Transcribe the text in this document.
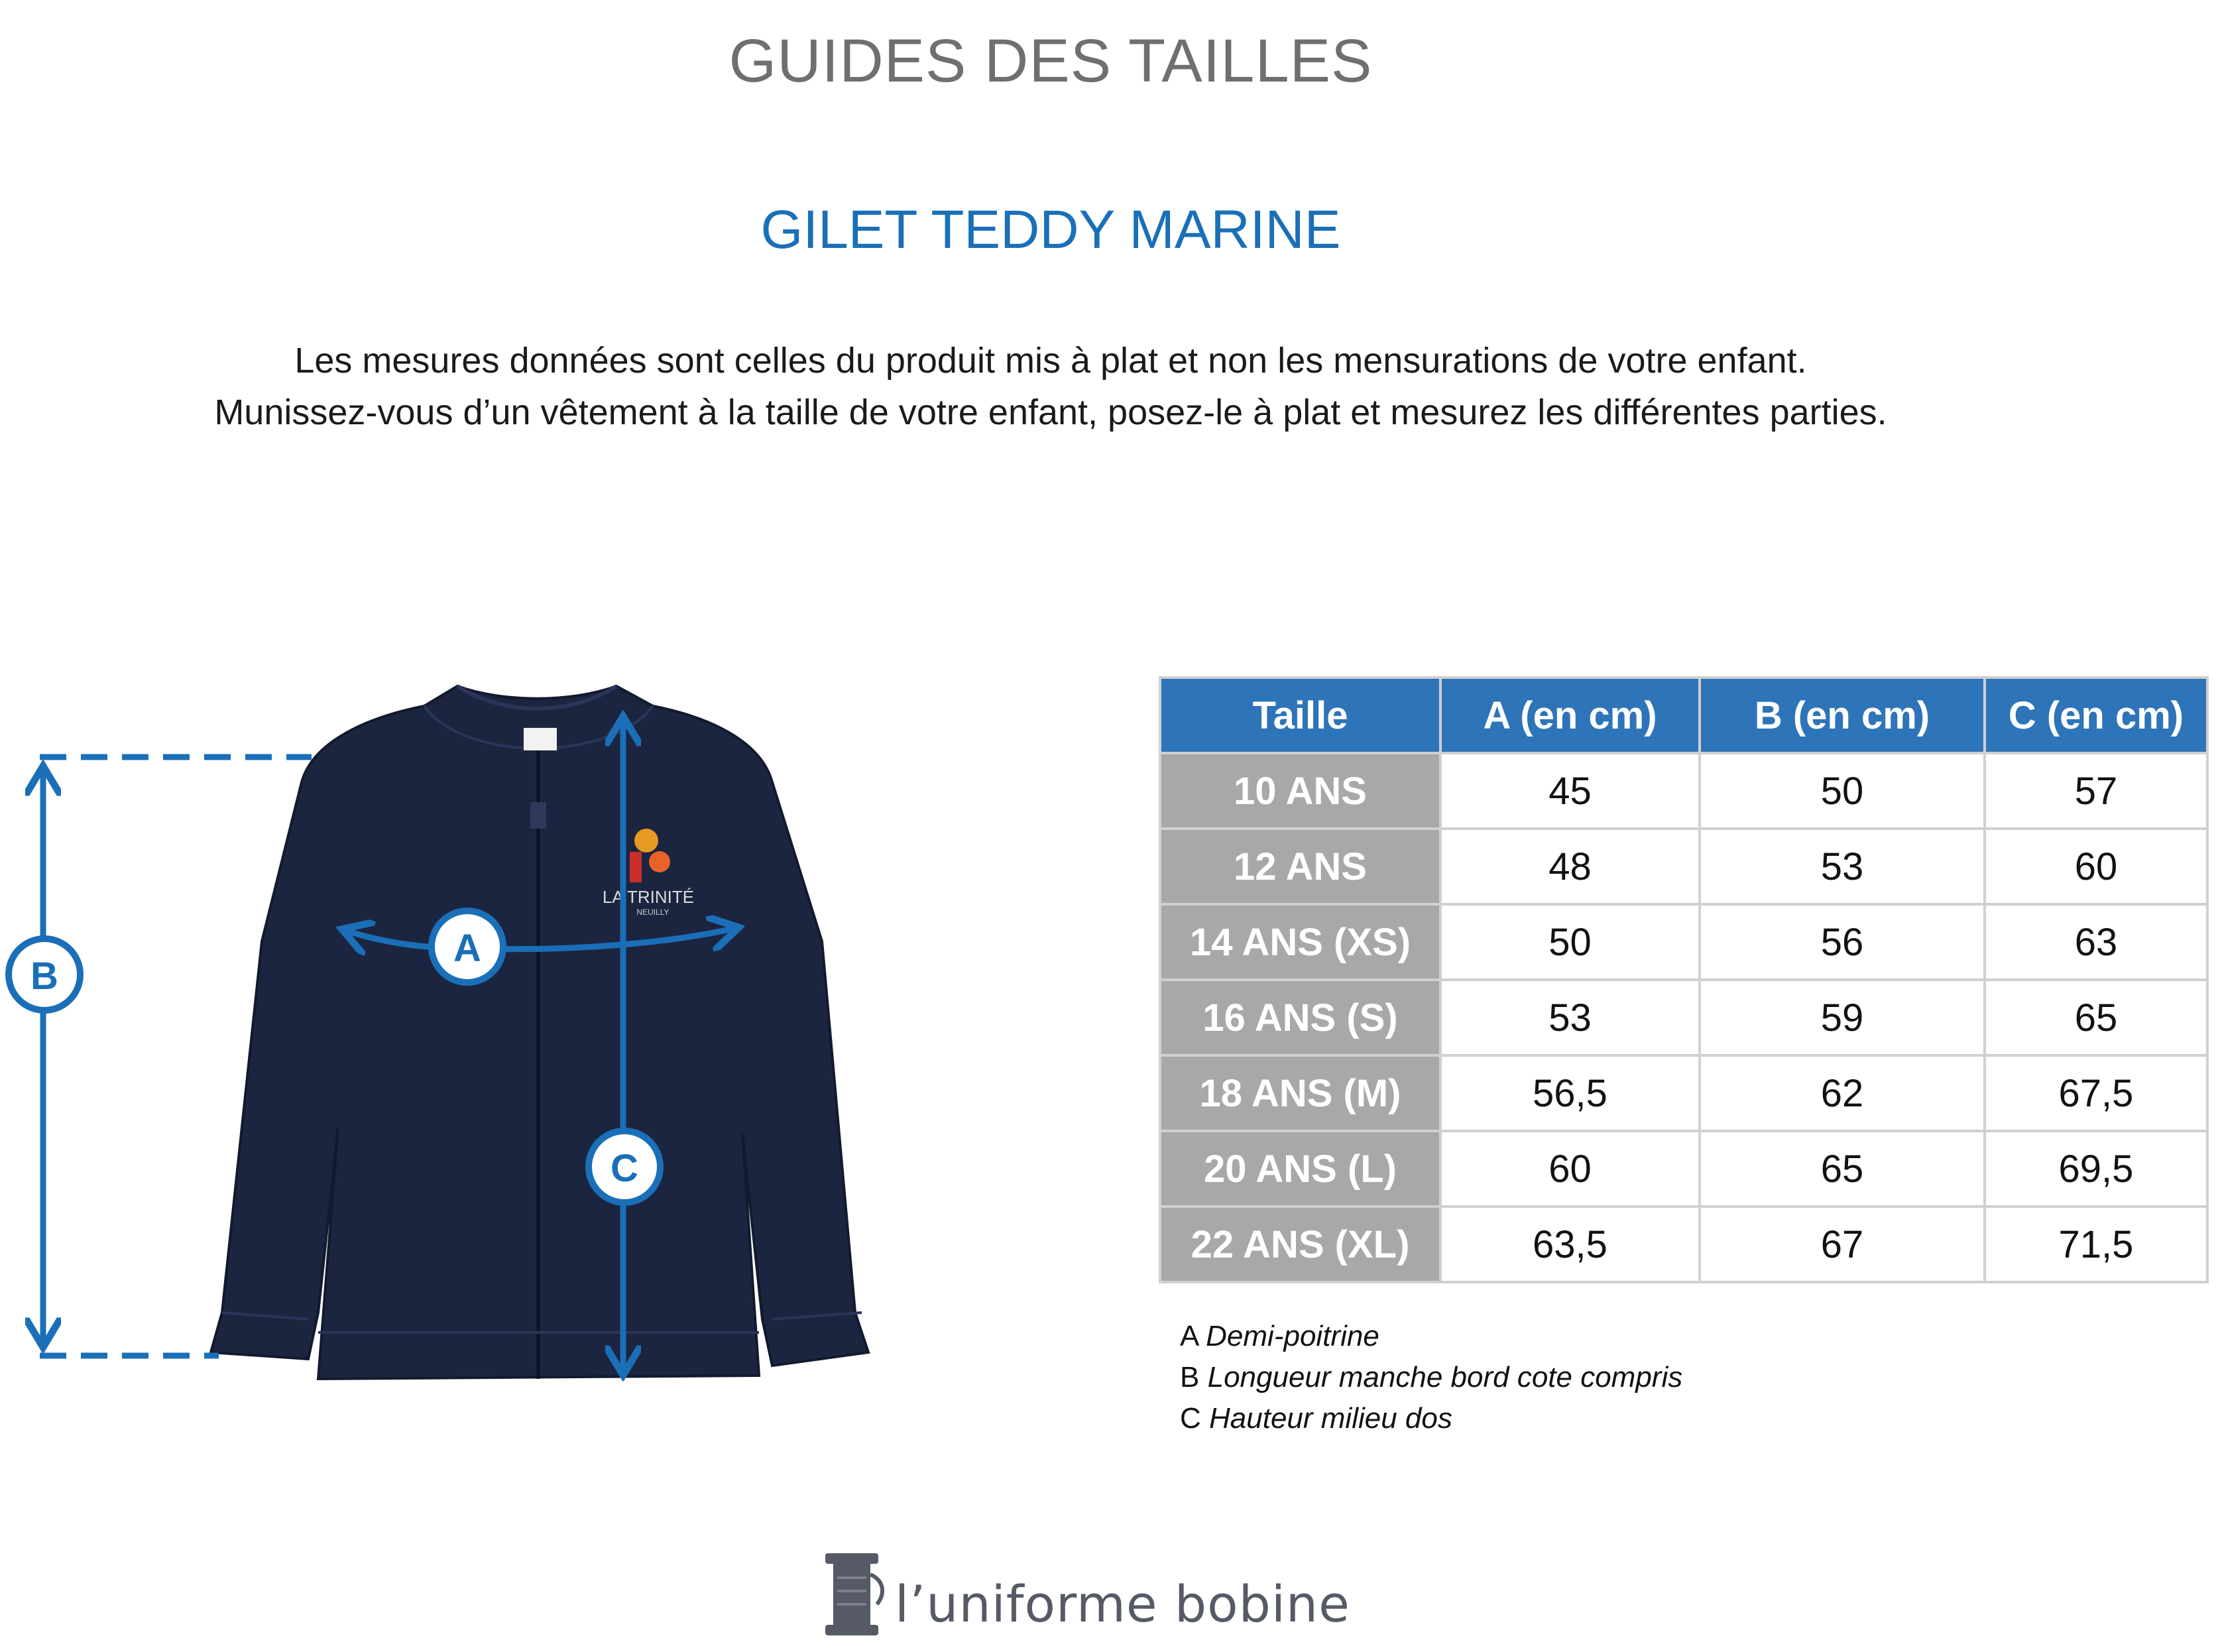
GUIDES DES TAILLES
GILET TEDDY MARINE
Les mesures données sont celles du produit mis à plat et non les mensurations de votre enfant.
Munissez-vous d’un vêtement à la taille de votre enfant, posez-le à plat et mesurez les différentes parties.
LA TRINITÉ
NEUILLY
B
C
A
Taille	A (en cm)	B (en cm)	C (en cm)
10 ANS	45	50	57
12 ANS	48	53	60
14 ANS (XS)	50	56	63
16 ANS (S)	53	59	65
18 ANS (M)	56,5	62	67,5
20 ANS (L)	60	65	69,5
22 ANS (XL)	63,5	67	71,5
A Demi-poitrine
B Longueur manche bord cote compris
C Hauteur milieu dos
l’uniforme bobine
